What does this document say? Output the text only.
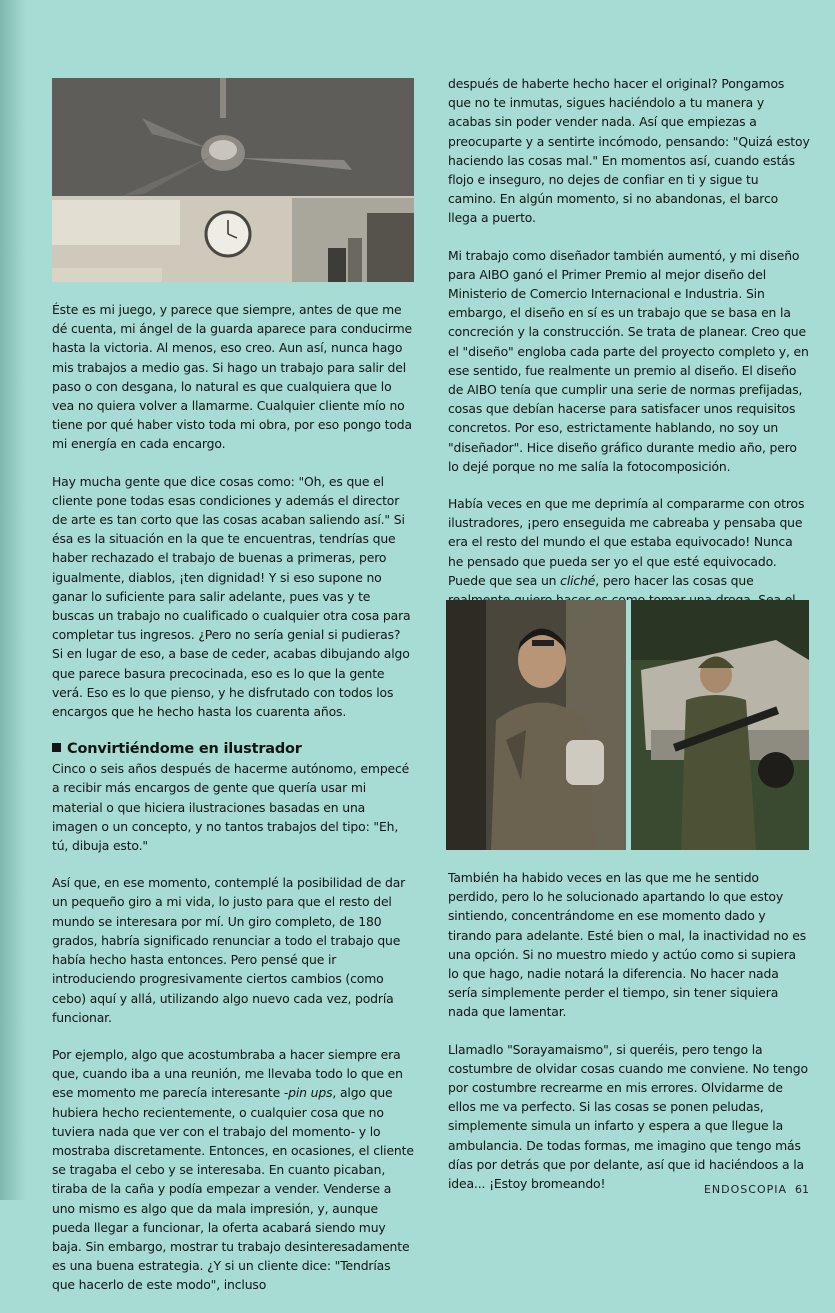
Éste es mi juego, y parece que siempre, antes de que me dé cuenta, mi ángel de la guarda aparece para conducirme hasta la victoria. Al menos, eso creo. Aun así, nunca hago mis trabajos a medio gas. Si hago un trabajo para salir del paso o con desgana, lo natural es que cualquiera que lo vea no quiera volver a llamarme. Cualquier cliente mío no tiene por qué haber visto toda mi obra, por eso pongo toda mi energía en cada encargo.

Hay mucha gente que dice cosas como: "Oh, es que el cliente pone todas esas condiciones y además el director de arte es tan corto que las cosas acaban saliendo así." Si ésa es la situación en la que te encuentras, tendrías que haber rechazado el trabajo de buenas a primeras, pero igualmente, diablos, ¡ten dignidad! Y si eso supone no ganar lo suficiente para salir adelante, pues vas y te buscas un trabajo no cualificado o cualquier otra cosa para completar tus ingresos. ¿Pero no sería genial si pudieras? Si en lugar de eso, a base de ceder, acabas dibujando algo que parece basura precocinada, eso es lo que la gente verá. Eso es lo que pienso, y he disfrutado con todos los encargos que he hecho hasta los cuarenta años.

Convirtiéndome en ilustrador

Cinco o seis años después de hacerme autónomo, empecé a recibir más encargos de gente que quería usar mi material o que hiciera ilustraciones basadas en una imagen o un concepto, y no tantos trabajos del tipo: "Eh, tú, dibuja esto."

Así que, en ese momento, contemplé la posibilidad de dar un pequeño giro a mi vida, lo justo para que el resto del mundo se interesara por mí. Un giro completo, de 180 grados, habría significado renunciar a todo el trabajo que había hecho hasta entonces. Pero pensé que ir introduciendo progresivamente ciertos cambios (como cebo) aquí y allá, utilizando algo nuevo cada vez, podría funcionar.

Por ejemplo, algo que acostumbraba a hacer siempre era que, cuando iba a una reunión, me llevaba todo lo que en ese momento me parecía interesante -pin ups, algo que hubiera hecho recientemente, o cualquier cosa que no tuviera nada que ver con el trabajo del momento- y lo mostraba discretamente. Entonces, en ocasiones, el cliente se tragaba el cebo y se interesaba. En cuanto picaban, tiraba de la caña y podía empezar a vender. Venderse a uno mismo es algo que da mala impresión, y, aunque pueda llegar a funcionar, la oferta acabará siendo muy baja. Sin embargo, mostrar tu trabajo desinteresadamente es una buena estrategia. ¿Y si un cliente dice: "Tendrías que hacerlo de este modo", incluso

después de haberte hecho hacer el original? Pongamos que no te inmutas, sigues haciéndolo a tu manera y acabas sin poder vender nada. Así que empiezas a preocuparte y a sentirte incómodo, pensando: "Quizá estoy haciendo las cosas mal." En momentos así, cuando estás flojo e inseguro, no dejes de confiar en ti y sigue tu camino. En algún momento, si no abandonas, el barco llega a puerto.

Mi trabajo como diseñador también aumentó, y mi diseño para AIBO ganó el Primer Premio al mejor diseño del Ministerio de Comercio Internacional e Industria. Sin embargo, el diseño en sí es un trabajo que se basa en la concreción y la construcción. Se trata de planear. Creo que el "diseño" engloba cada parte del proyecto completo y, en ese sentido, fue realmente un premio al diseño. El diseño de AIBO tenía que cumplir una serie de normas prefijadas, cosas que debían hacerse para satisfacer unos requisitos concretos. Por eso, estrictamente hablando, no soy un "diseñador". Hice diseño gráfico durante medio año, pero lo dejé porque no me salía la fotocomposición.

Había veces en que me deprimía al compararme con otros ilustradores, ¡pero enseguida me cabreaba y pensaba que era el resto del mundo el que estaba equivocado! Nunca he pensado que pueda ser yo el que esté equivocado. Puede que sea un cliché, pero hacer las cosas que

También ha habido veces en las que me he sentido perdido, pero lo he solucionado apartando lo que estoy sintiendo, concentrándome en ese momento dado y tirando para adelante. Esté bien o mal, la inactividad no es una opción. Si no muestro miedo y actúo como si supiera lo que hago, nadie notará la diferencia. No hacer nada sería simplemente perder el tiempo, sin tener siquiera nada que lamentar.

Llamadlo "Sorayamaismo", si queréis, pero tengo la costumbre de olvidar cosas cuando me conviene. No tengo por costumbre recrearme en mis errores. Olvidarme de ellos me va perfecto. Si las cosas se ponen peludas, simplemente simula un infarto y espera a que llegue la ambulancia. De todas formas, me imagino que tengo más días por detrás que por delante, así que id haciéndoos a la idea... ¡Estoy bromeando!	ENDOSCOPIA 61
